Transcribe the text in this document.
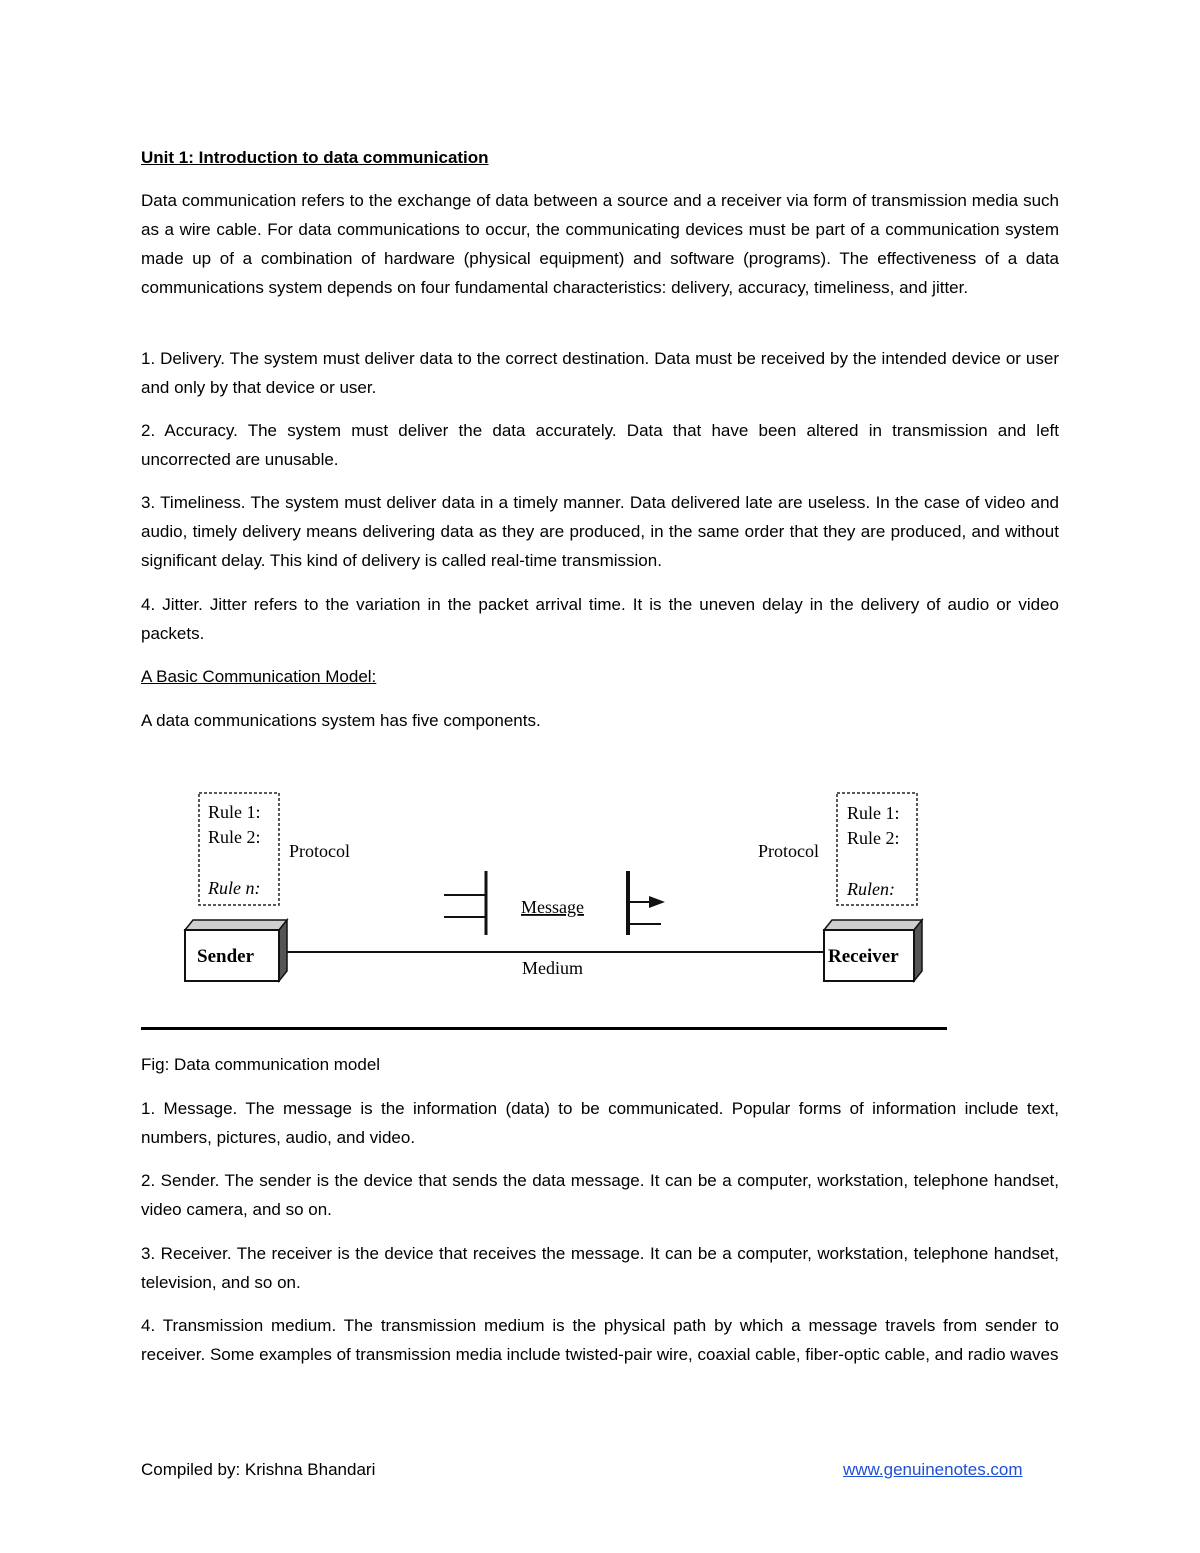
Unit 1: Introduction to data communication

Data communication refers to the exchange of data between a source and a receiver via form of transmission media such as a wire cable. For data communications to occur, the communicating devices must be part of a communication system made up of a combination of hardware (physical equipment) and software (programs). The effectiveness of a data communications system depends on four fundamental characteristics: delivery, accuracy, timeliness, and jitter.

1. Delivery. The system must deliver data to the correct destination. Data must be received by the intended device or user and only by that device or user.

2. Accuracy. The system must deliver the data accurately. Data that have been altered in transmission and left uncorrected are unusable.

3. Timeliness. The system must deliver data in a timely manner. Data delivered late are useless. In the case of video and audio, timely delivery means delivering data as they are produced, in the same order that they are produced, and without significant delay. This kind of delivery is called real-time transmission.

4. Jitter. Jitter refers to the variation in the packet arrival time. It is the uneven delay in the delivery of audio or video packets.

A Basic Communication Model:
A data communications system has five components.
Rule 1:
Rule 2:
Rule n:
Protocol
Rule 1:
Rule 2:
Rulen:
Protocol
Message
Medium
Sender	Receiver
Fig: Data communication model

1. Message. The message is the information (data) to be communicated. Popular forms of information include text, numbers, pictures, audio, and video.

2. Sender. The sender is the device that sends the data message. It can be a computer, workstation, telephone handset, video camera, and so on.

3. Receiver. The receiver is the device that receives the message. It can be a computer, workstation, telephone handset, television, and so on.

4. Transmission medium. The transmission medium is the physical path by which a message travels from sender to receiver. Some examples of transmission media include twisted-pair wire, coaxial cable, fiber-optic cable, and radio waves

Compiled by: Krishna Bhandari	www.genuinenotes.com
